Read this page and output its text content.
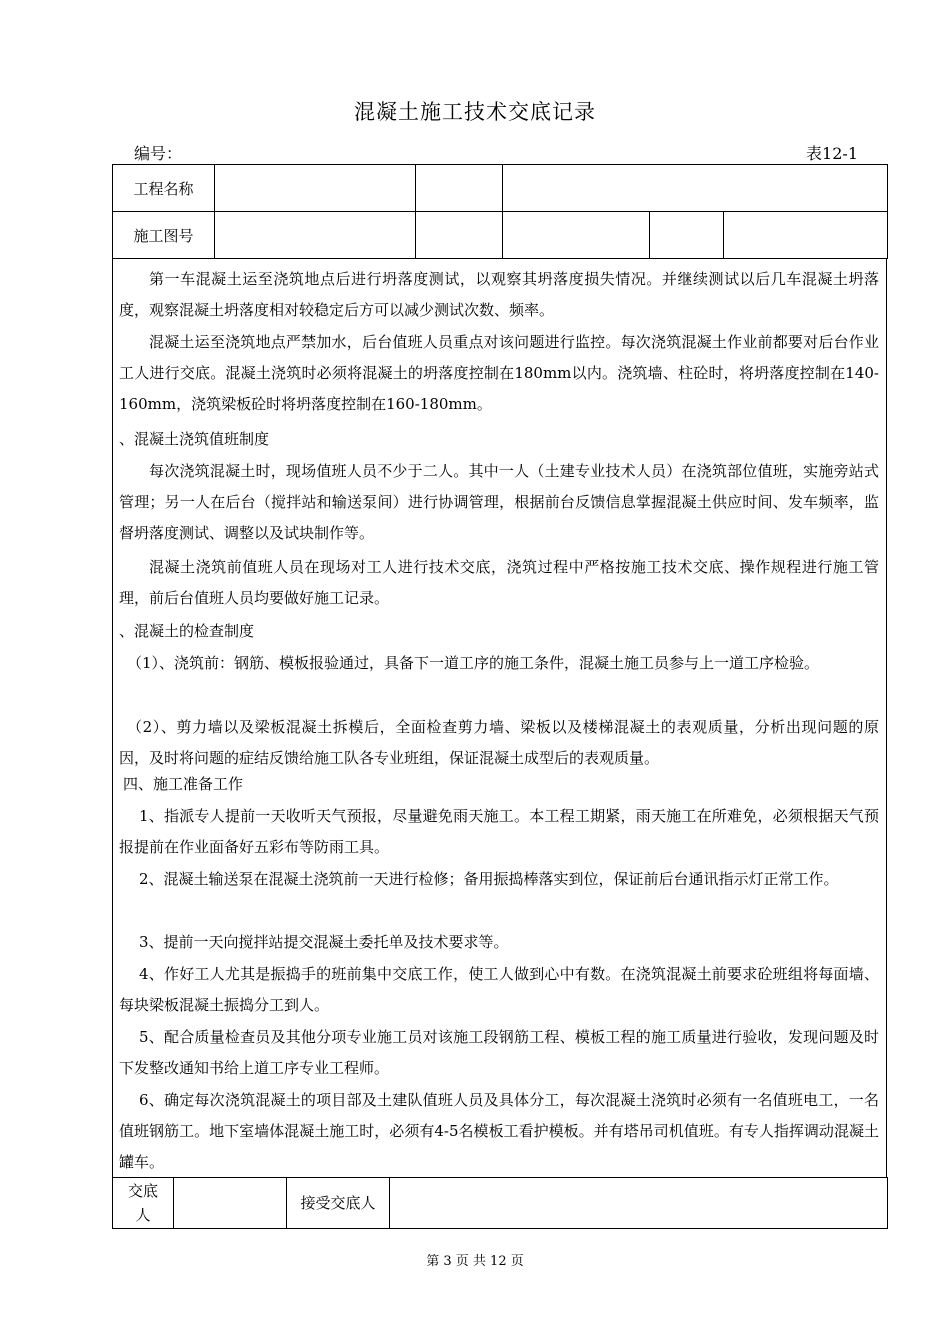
混凝土施工技术交底记录
编号：	表12-1
工程名称					
施工图号					
第一车混凝土运至浇筑地点后进行坍落度测试，以观察其坍落度损失情况。并继续测试以后几车混凝土坍落度，观察混凝土坍落度相对较稳定后方可以减少测试次数、频率。
混凝土运至浇筑地点严禁加水，后台值班人员重点对该问题进行监控。每次浇筑混凝土作业前都要对后台作业工人进行交底。混凝土浇筑时必须将混凝土的坍落度控制在180mm以内。浇筑墙、柱砼时，将坍落度控制在140-160mm，浇筑梁板砼时将坍落度控制在160-180mm。
、混凝土浇筑值班制度
每次浇筑混凝土时，现场值班人员不少于二人。其中一人（土建专业技术人员）在浇筑部位值班，实施旁站式管理；另一人在后台（搅拌站和输送泵间）进行协调管理，根据前台反馈信息掌握混凝土供应时间、发车频率，监督坍落度测试、调整以及试块制作等。
混凝土浇筑前值班人员在现场对工人进行技术交底，浇筑过程中严格按施工技术交底、操作规程进行施工管理，前后台值班人员均要做好施工记录。
、混凝土的检查制度
（1）、浇筑前：钢筋、模板报验通过，具备下一道工序的施工条件，混凝土施工员参与上一道工序检验。
（2）、剪力墙以及梁板混凝土拆模后，全面检查剪力墙、梁板以及楼梯混凝土的表观质量，分析出现问题的原因，及时将问题的症结反馈给施工队各专业班组，保证混凝土成型后的表观质量。
四、施工准备工作
1、指派专人提前一天收听天气预报，尽量避免雨天施工。本工程工期紧，雨天施工在所难免，必须根据天气预报提前在作业面备好五彩布等防雨工具。
2、混凝土输送泵在混凝土浇筑前一天进行检修；备用振捣棒落实到位，保证前后台通讯指示灯正常工作。
3、提前一天向搅拌站提交混凝土委托单及技术要求等。
4、作好工人尤其是振捣手的班前集中交底工作，使工人做到心中有数。在浇筑混凝土前要求砼班组将每面墙、每块梁板混凝土振捣分工到人。
5、配合质量检查员及其他分项专业施工员对该施工段钢筋工程、模板工程的施工质量进行验收，发现问题及时下发整改通知书给上道工序专业工程师。
6、确定每次浇筑混凝土的项目部及土建队值班人员及具体分工，每次混凝土浇筑时必须有一名值班电工，一名值班钢筋工。地下室墙体混凝土施工时，必须有4-5名模板工看护模板。并有塔吊司机值班。有专人指挥调动混凝土罐车。
交底人
		接受交底人	
第 3 页 共 12 页
